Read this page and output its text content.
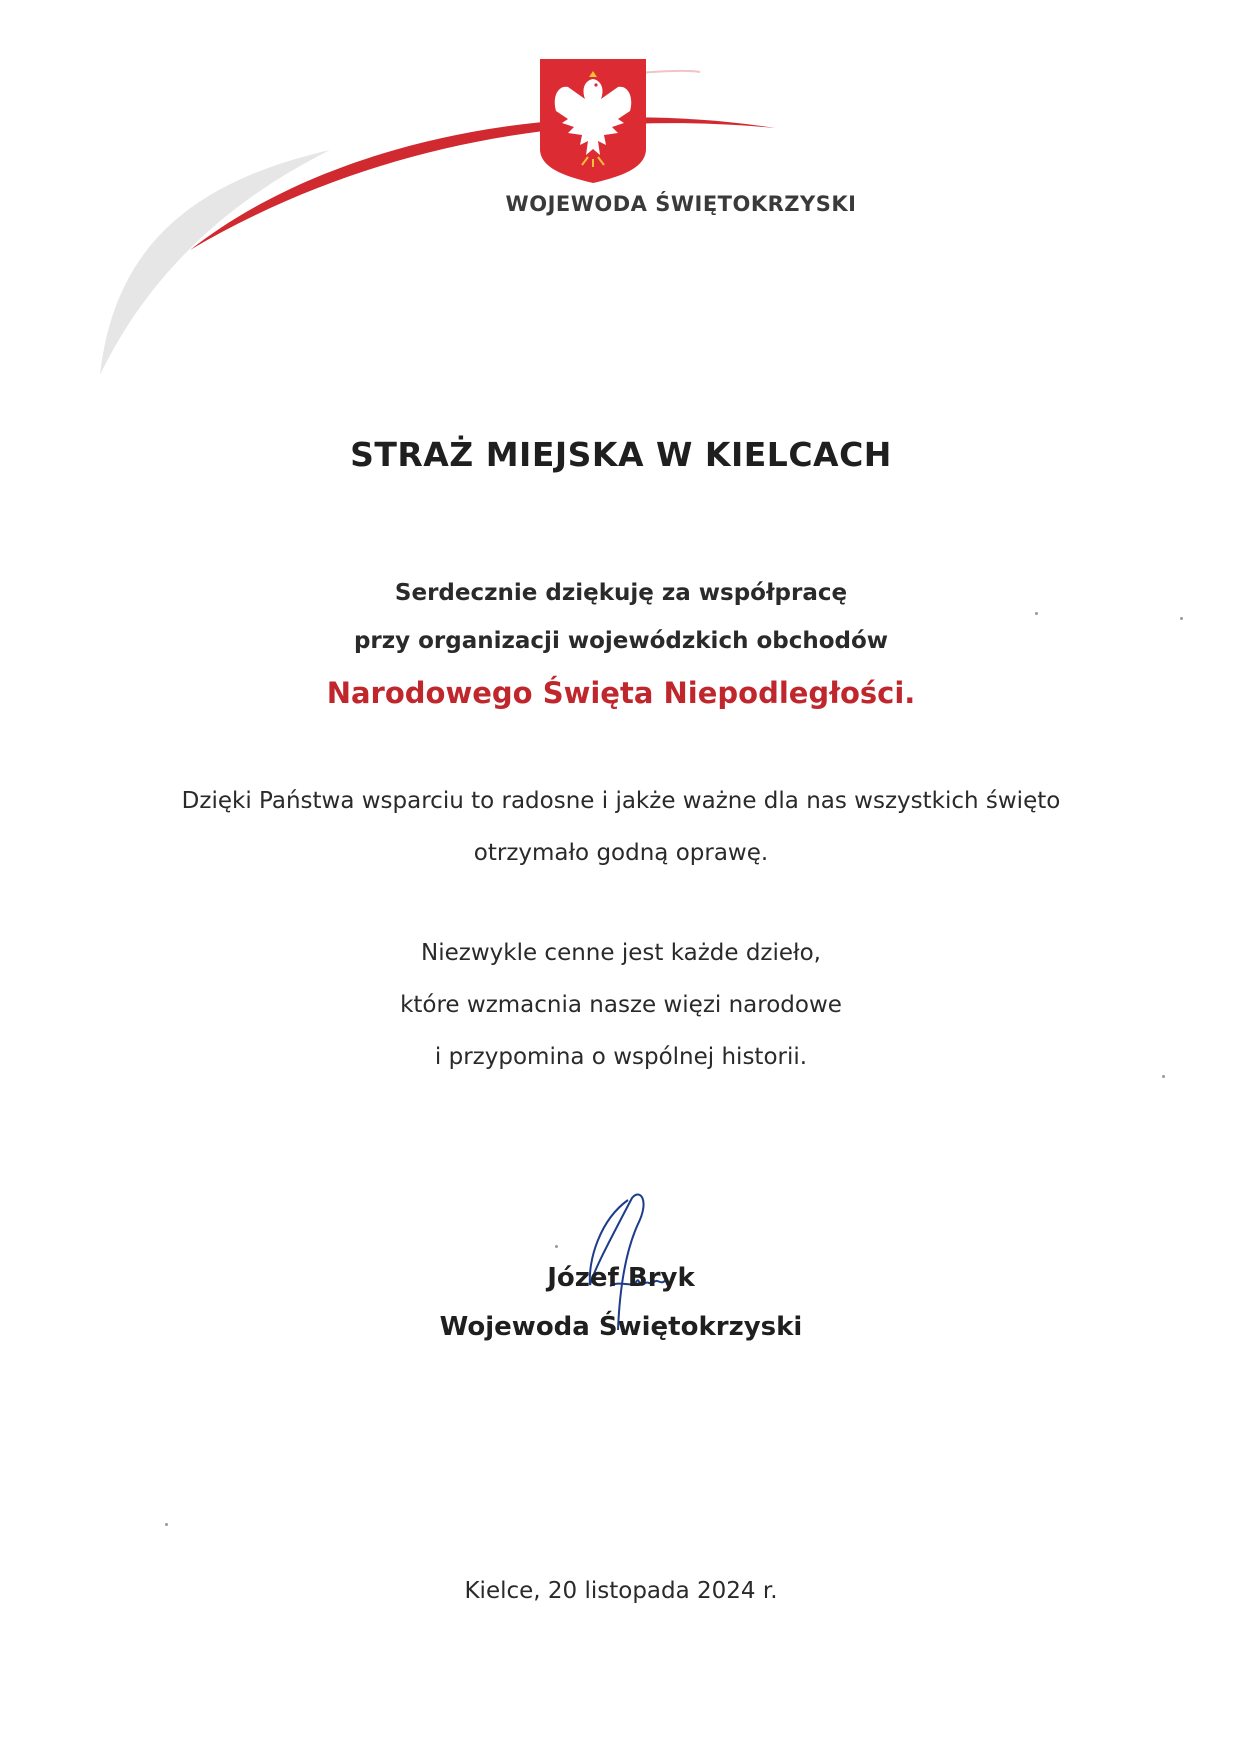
WOJEWODA ŚWIĘTOKRZYSKI
STRAŻ MIEJSKA W KIELCACH
Serdecznie dziękuję za współpracę
przy organizacji wojewódzkich obchodów
Narodowego Święta Niepodległości.
Dzięki Państwa wsparciu to radosne i jakże ważne dla nas wszystkich święto
otrzymało godną oprawę.
Niezwykle cenne jest każde dzieło,
które wzmacnia nasze więzi narodowe
i przypomina o wspólnej historii.
Józef Bryk
Wojewoda Świętokrzyski
Kielce, 20 listopada 2024 r.
